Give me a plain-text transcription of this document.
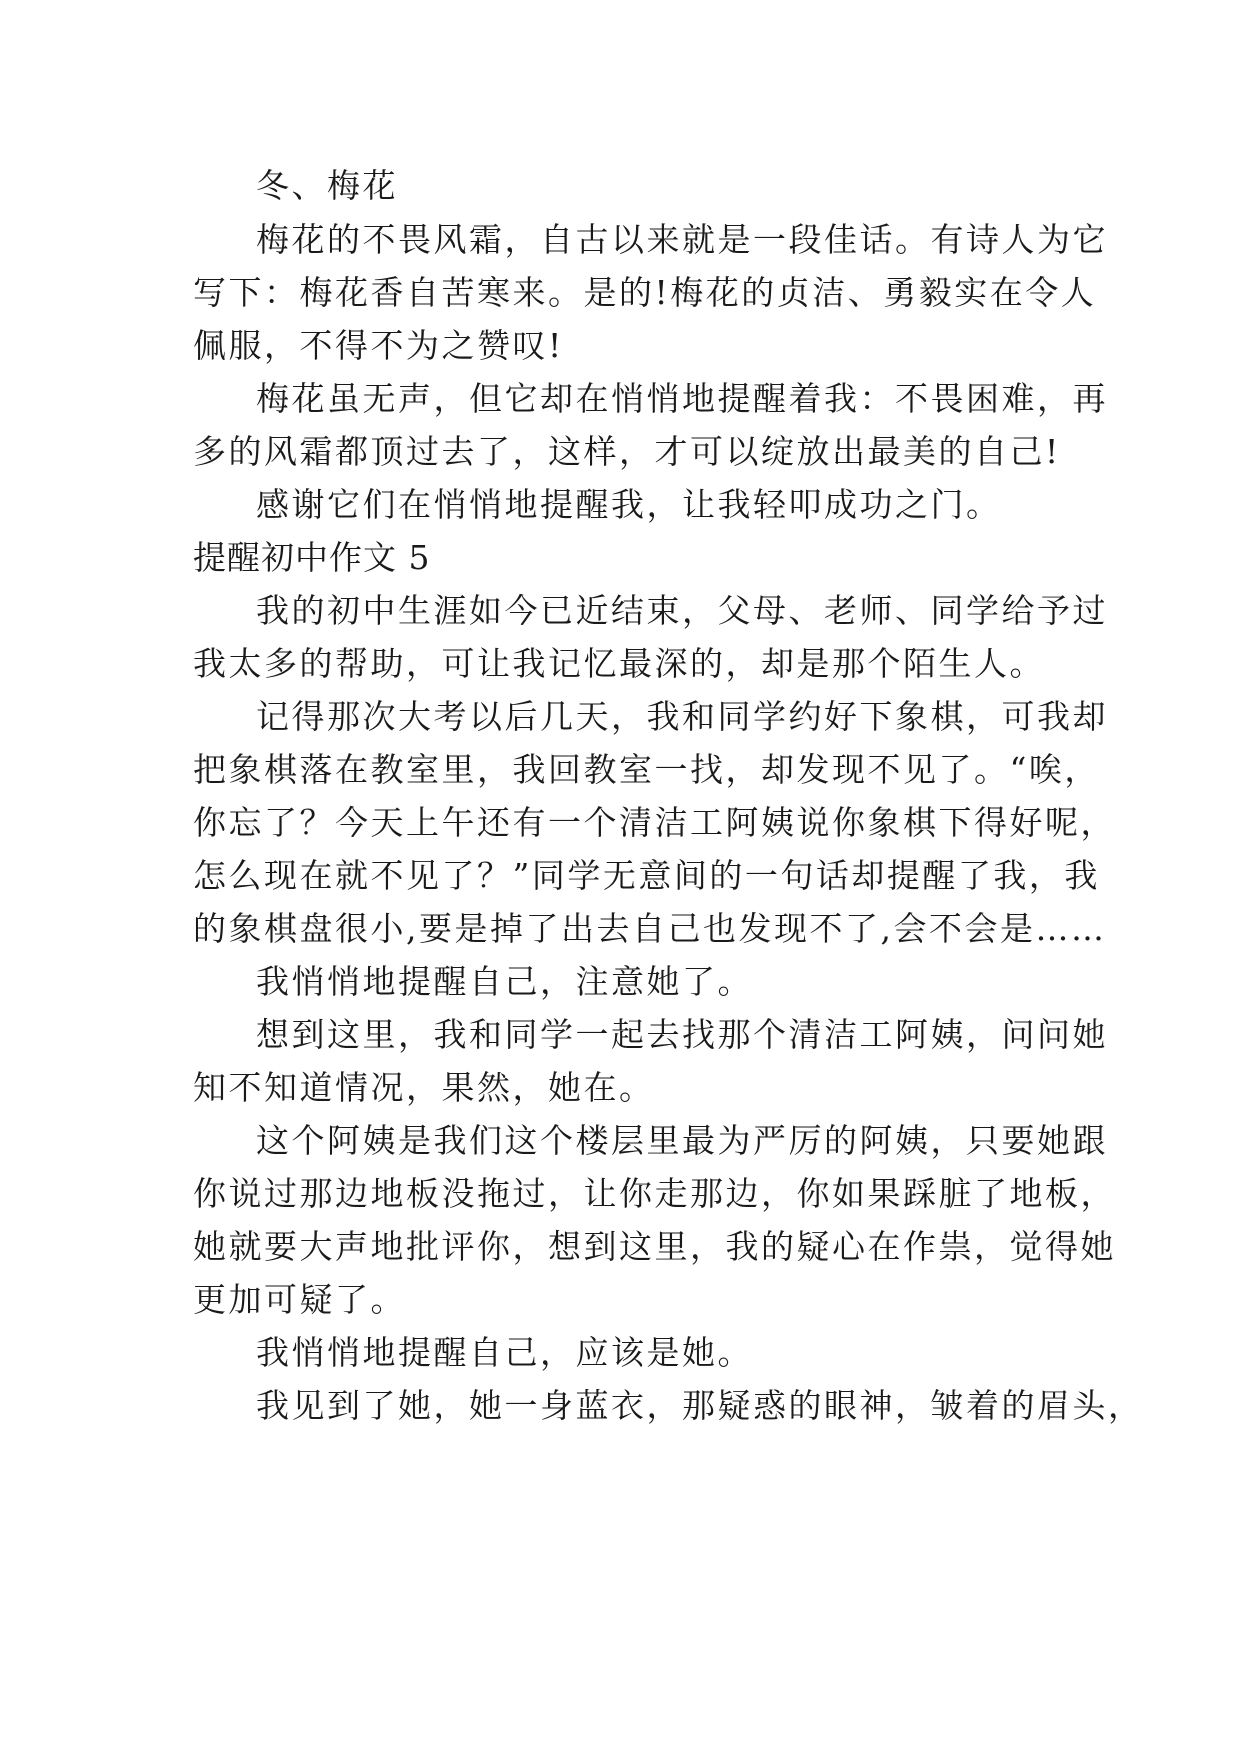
冬、梅花
梅花的不畏风霜，自古以来就是一段佳话。有诗人为它
写下：梅花香自苦寒来。是的!梅花的贞洁、勇毅实在令人
佩服，不得不为之赞叹!
梅花虽无声，但它却在悄悄地提醒着我：不畏困难，再
多的风霜都顶过去了，这样，才可以绽放出最美的自己!
感谢它们在悄悄地提醒我，让我轻叩成功之门。
提醒初中作文 5
我的初中生涯如今已近结束，父母、老师、同学给予过
我太多的帮助，可让我记忆最深的，却是那个陌生人。
记得那次大考以后几天，我和同学约好下象棋，可我却
把象棋落在教室里，我回教室一找，却发现不见了。“唉，
你忘了？今天上午还有一个清洁工阿姨说你象棋下得好呢，
怎么现在就不见了？”同学无意间的一句话却提醒了我，我
的象棋盘很小,要是掉了出去自己也发现不了,会不会是……
我悄悄地提醒自己，注意她了。
想到这里，我和同学一起去找那个清洁工阿姨，问问她
知不知道情况，果然，她在。
这个阿姨是我们这个楼层里最为严厉的阿姨，只要她跟
你说过那边地板没拖过，让你走那边，你如果踩脏了地板，
她就要大声地批评你，想到这里，我的疑心在作祟，觉得她
更加可疑了。
我悄悄地提醒自己，应该是她。
我见到了她，她一身蓝衣，那疑惑的眼神，皱着的眉头，
